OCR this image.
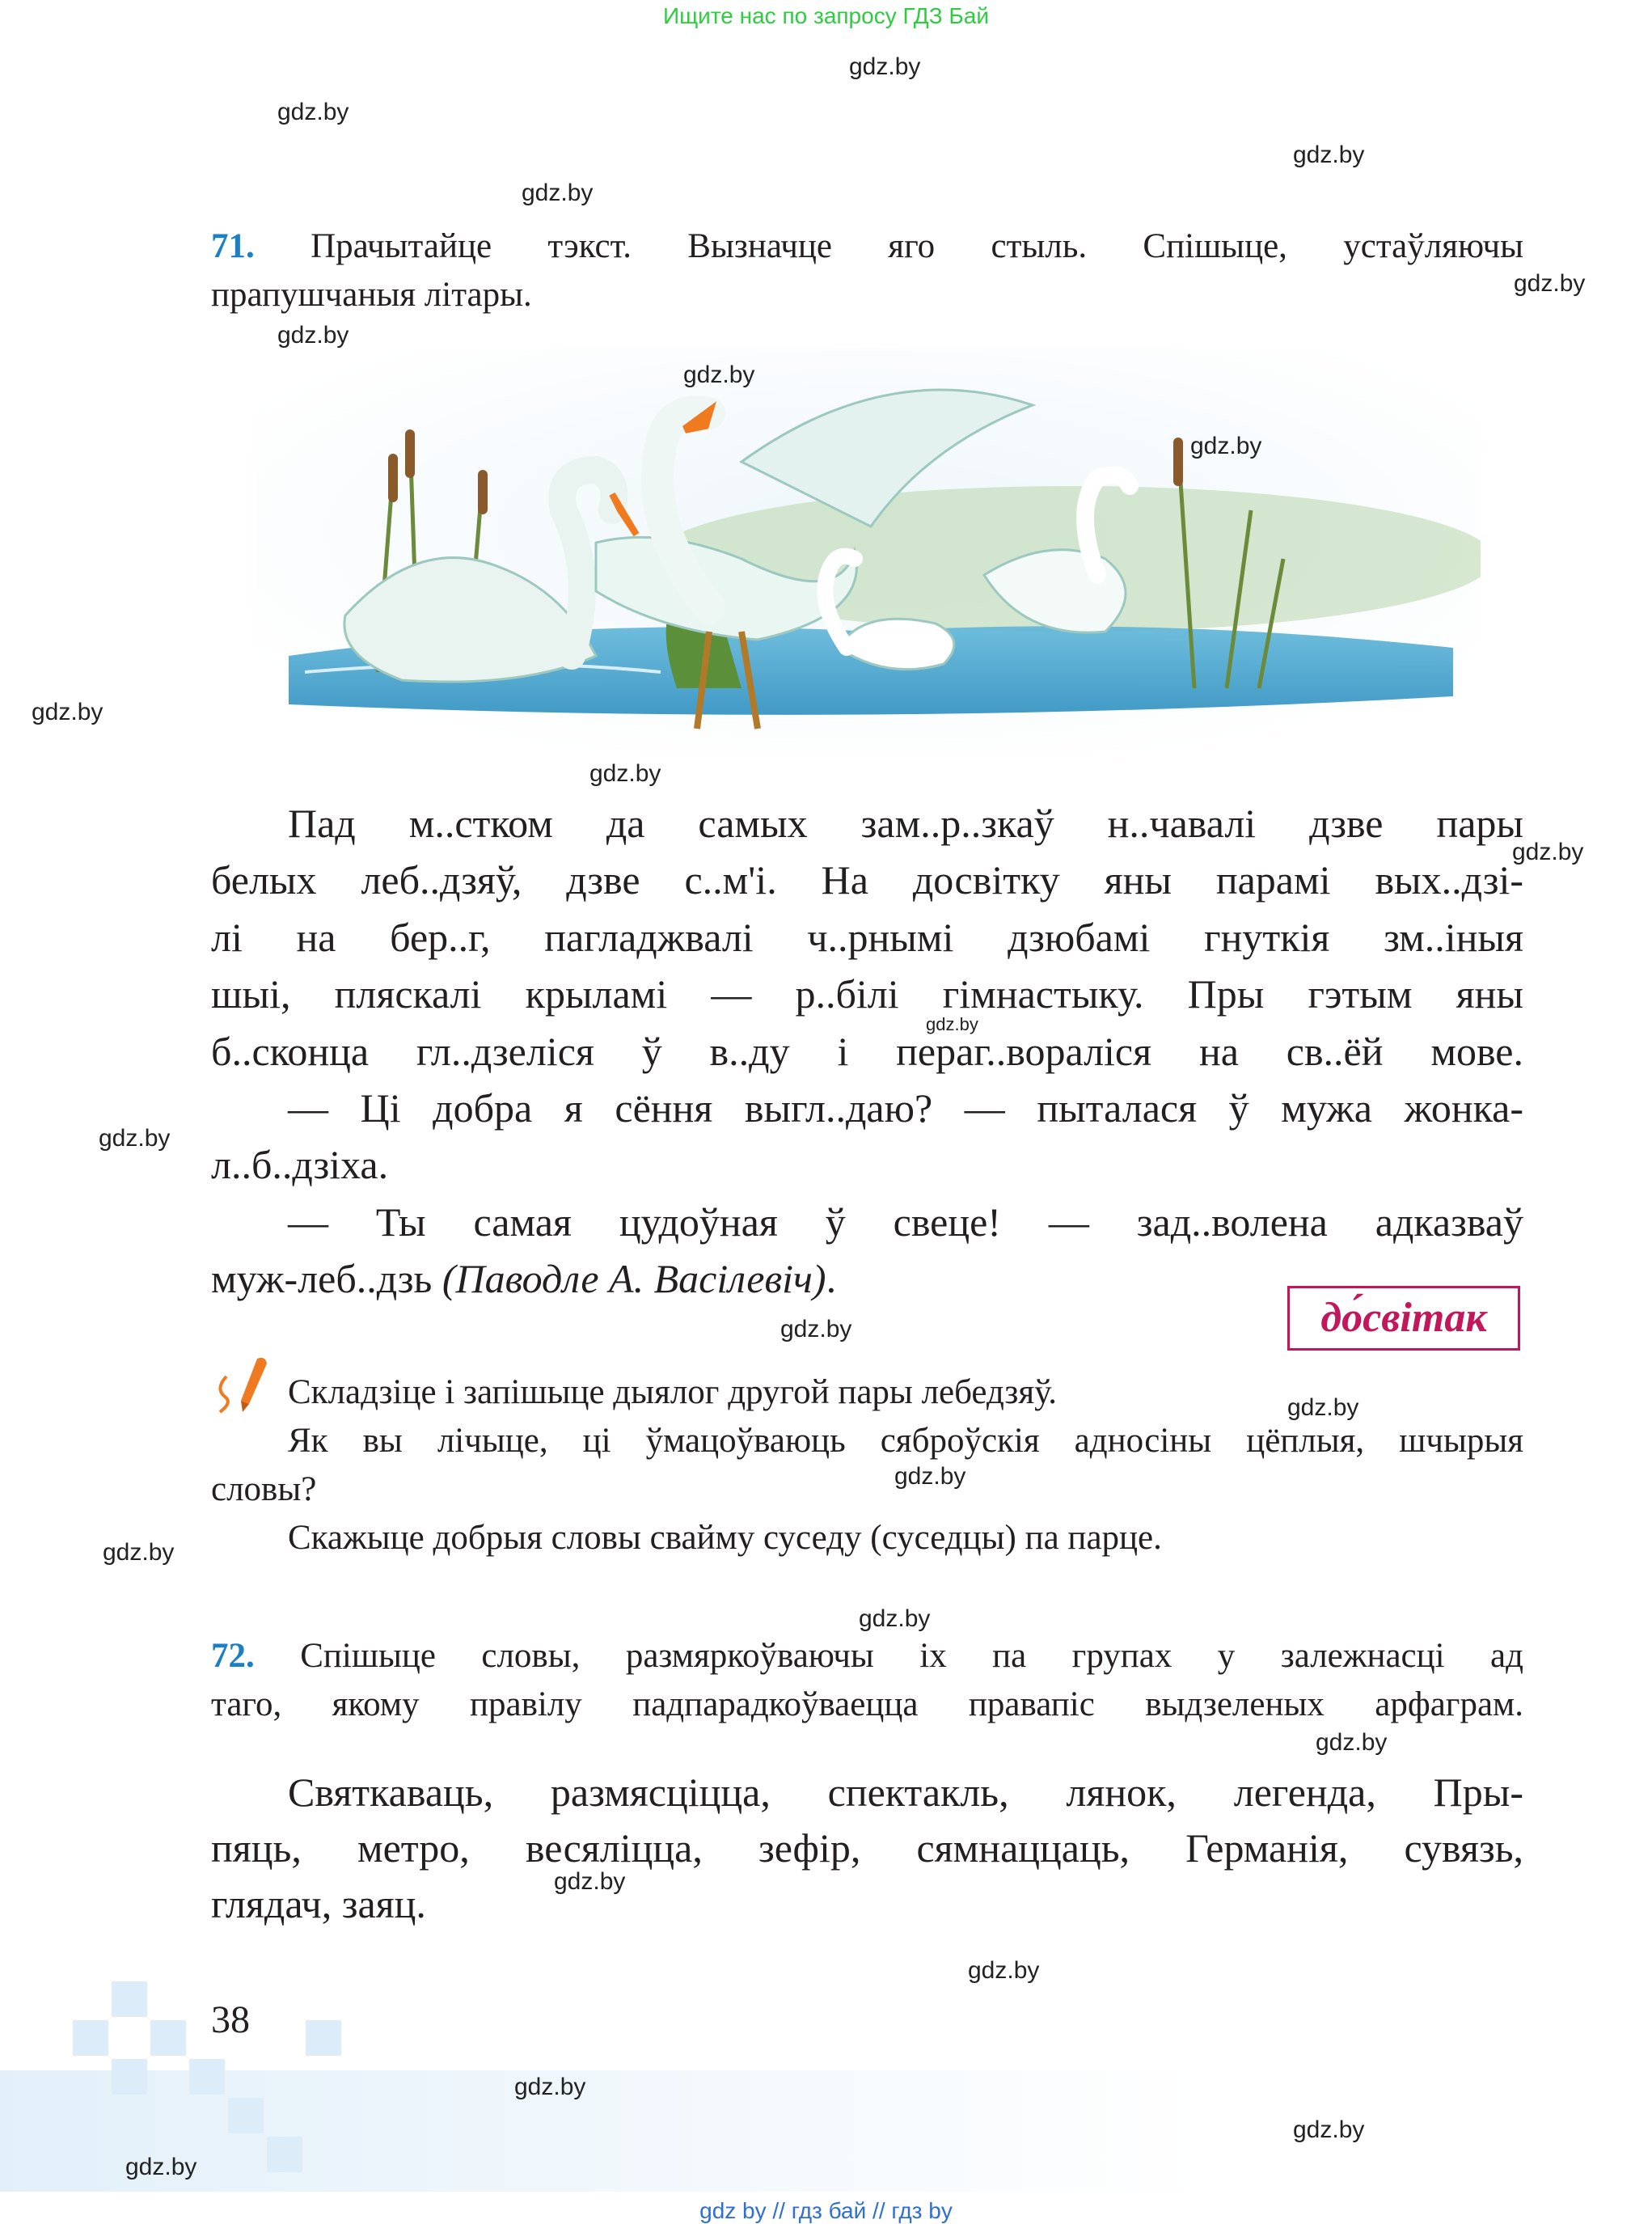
Ищите нас по запросу ГДЗ Бай
71. Прачытайце тэкст. Вызначце яго стыль. Спішыце, устаўляючы
прапушчаныя літары.
Пад м..стком да самых зам..р..зкаў н..чавалі дзве пары
белых леб..дзяў, дзве с..м'і. На досвітку яны парамі вых..дзі-
лі на бер..г, пагладжвалі ч..рнымі дзюбамі гнуткія зм..іныя
шыі, пляскалі крыламі — р..білі гімнастыку. Пры гэтым яны
б..сконца гл..дзеліся ў в..ду і пераг..вораліся на св..ёй мове.
— Ці добра я сёння выгл..даю? — пыталася ў мужа жонка-
л..б..дзіха.
— Ты самая цудоўная ў свеце! — зад..волена адказваў
муж-леб..дзь (Паводле А. Васілевіч).
до́світак
Складзіце і запішыце дыялог другой пары лебедзяў.
Як вы лічыце, ці ўмацоўваюць сяброўскія адносіны цёплыя, шчырыя
словы?
Скажыце добрыя словы свайму суседу (суседцы) па парце.
72. Спішыце словы, размяркоўваючы іх па групах у залежнасці ад
таго, якому правілу падпарадкоўваецца правапіс выдзеленых арфаграм.
Святкаваць, размясціцца, спектакль, лянок, легенда, Пры-
пяць, метро, весяліцца, зефір, сямнаццаць, Германія, сувязь,
глядач, заяц.
38
gdz.by
gdz.by
gdz.by
gdz.by
gdz.by
gdz.by
gdz.by
gdz.by
gdz.by
gdz.by
gdz.by
gdz.by
gdz.by
gdz.by
gdz.by
gdz.by
gdz.by
gdz.by
gdz.by
gdz.by
gdz.by
gdz.by
gdz.by
gdz.by
gdz by // гдз бай // гдз by
